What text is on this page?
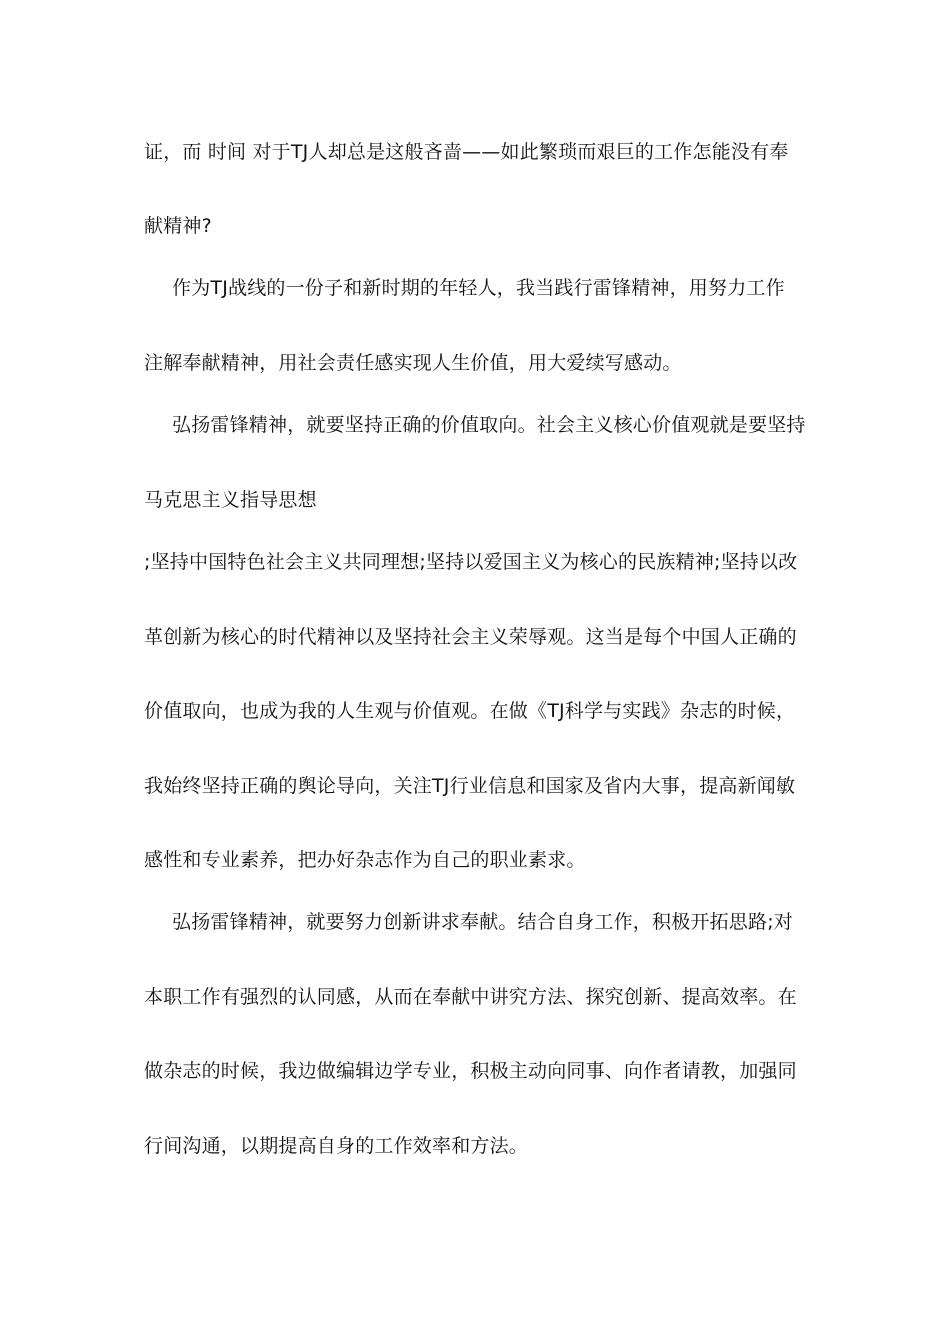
证，而 时间 对于TJ人却总是这般吝啬——如此繁琐而艰巨的工作怎能没有奉
献精神?
作为TJ战线的一份子和新时期的年轻人，我当践行雷锋精神，用努力工作
注解奉献精神，用社会责任感实现人生价值，用大爱续写感动。
弘扬雷锋精神，就要坚持正确的价值取向。社会主义核心价值观就是要坚持
马克思主义指导思想
;坚持中国特色社会主义共同理想;坚持以爱国主义为核心的民族精神;坚持以改
革创新为核心的时代精神以及坚持社会主义荣辱观。这当是每个中国人正确的
价值取向，也成为我的人生观与价值观。在做《TJ科学与实践》杂志的时候，
我始终坚持正确的舆论导向，关注TJ行业信息和国家及省内大事，提高新闻敏
感性和专业素养，把办好杂志作为自己的职业素求。
弘扬雷锋精神，就要努力创新讲求奉献。结合自身工作，积极开拓思路;对
本职工作有强烈的认同感，从而在奉献中讲究方法、探究创新、提高效率。在
做杂志的时候，我边做编辑边学专业，积极主动向同事、向作者请教，加强同
行间沟通，以期提高自身的工作效率和方法。
